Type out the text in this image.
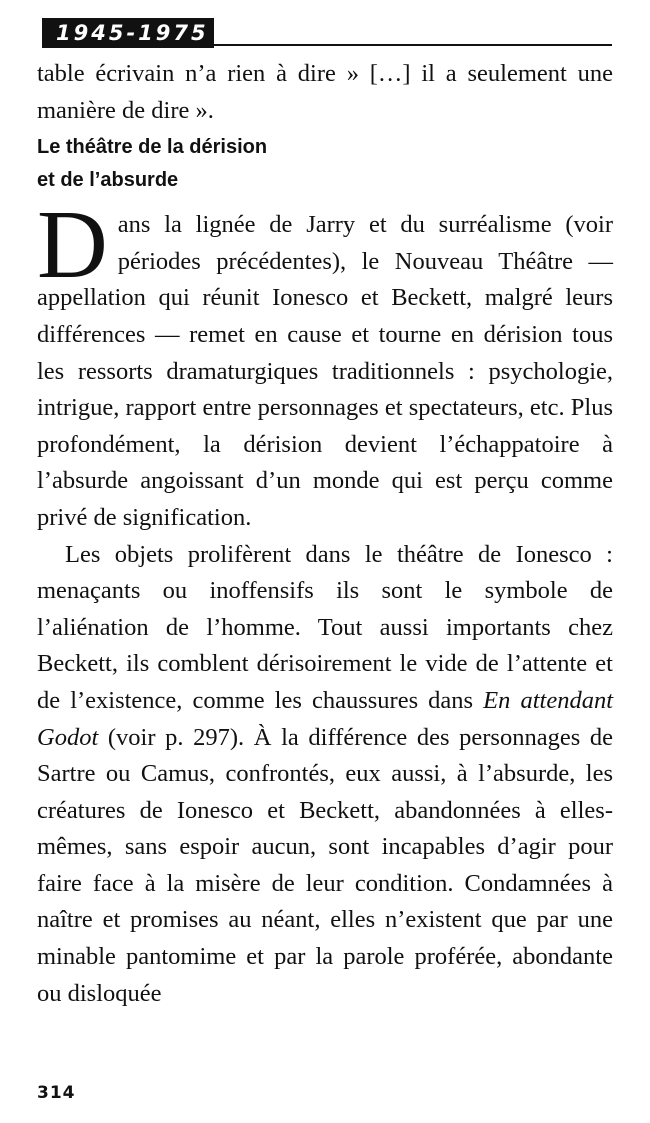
1945-1975

table écrivain n’a rien à dire » […] il a seulement une manière de dire ».

Le théâtre de la dérision
et de l’absurde

Dans la lignée de Jarry et du surréalisme (voir périodes précédentes), le Nouveau Théâtre — appellation qui réunit Ionesco et Beckett, malgré leurs différences — remet en cause et tourne en dérision tous les ressorts dramaturgiques traditionnels : psychologie, intrigue, rapport entre personnages et spectateurs, etc. Plus profondément, la dérision devient l’échappatoire à l’absurde angoissant d’un monde qui est perçu comme privé de signification.

Les objets prolifèrent dans le théâtre de Ionesco : menaçants ou inoffensifs ils sont le symbole de l’aliénation de l’homme. Tout aussi importants chez Beckett, ils comblent dérisoirement le vide de l’attente et de l’existence, comme les chaussures dans En attendant Godot (voir p. 297). À la différence des personnages de Sartre ou Camus, confrontés, eux aussi, à l’absurde, les créatures de Ionesco et Beckett, abandonnées à elles-mêmes, sans espoir aucun, sont incapables d’agir pour faire face à la misère de leur condition. Condamnées à naître et promises au néant, elles n’existent que par une minable pantomime et par la parole proférée, abondante ou disloquée

314
